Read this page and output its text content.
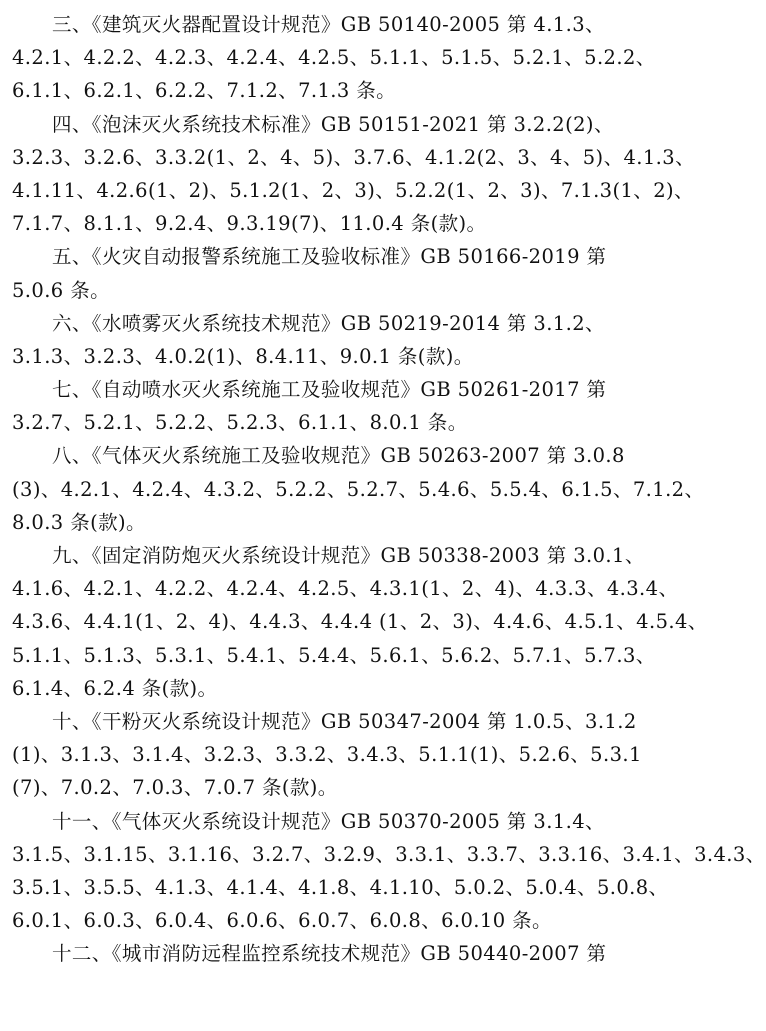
三、《建筑灭火器配置设计规范》GB 50140-2005 第 4.1.3、
4.2.1、4.2.2、4.2.3、4.2.4、4.2.5、5.1.1、5.1.5、5.2.1、5.2.2、
6.1.1、6.2.1、6.2.2、7.1.2、7.1.3 条。
四、《泡沫灭火系统技术标准》GB 50151-2021 第 3.2.2(2)、
3.2.3、3.2.6、3.3.2(1、2、4、5)、3.7.6、4.1.2(2、3、4、5)、4.1.3、
4.1.11、4.2.6(1、2)、5.1.2(1、2、3)、5.2.2(1、2、3)、7.1.3(1、2)、
7.1.7、8.1.1、9.2.4、9.3.19(7)、11.0.4 条(款)。
五、《火灾自动报警系统施工及验收标准》GB 50166-2019 第
5.0.6 条。
六、《水喷雾灭火系统技术规范》GB 50219-2014 第 3.1.2、
3.1.3、3.2.3、4.0.2(1)、8.4.11、9.0.1 条(款)。
七、《自动喷水灭火系统施工及验收规范》GB 50261-2017 第
3.2.7、5.2.1、5.2.2、5.2.3、6.1.1、8.0.1 条。
八、《气体灭火系统施工及验收规范》GB 50263-2007 第 3.0.8
(3)、4.2.1、4.2.4、4.3.2、5.2.2、5.2.7、5.4.6、5.5.4、6.1.5、7.1.2、
8.0.3 条(款)。
九、《固定消防炮灭火系统设计规范》GB 50338-2003 第 3.0.1、
4.1.6、4.2.1、4.2.2、4.2.4、4.2.5、4.3.1(1、2、4)、4.3.3、4.3.4、
4.3.6、4.4.1(1、2、4)、4.4.3、4.4.4 (1、2、3)、4.4.6、4.5.1、4.5.4、
5.1.1、5.1.3、5.3.1、5.4.1、5.4.4、5.6.1、5.6.2、5.7.1、5.7.3、
6.1.4、6.2.4 条(款)。
十、《干粉灭火系统设计规范》GB 50347-2004 第 1.0.5、3.1.2
(1)、3.1.3、3.1.4、3.2.3、3.3.2、3.4.3、5.1.1(1)、5.2.6、5.3.1
(7)、7.0.2、7.0.3、7.0.7 条(款)。
十一、《气体灭火系统设计规范》GB 50370-2005 第 3.1.4、
3.1.5、3.1.15、3.1.16、3.2.7、3.2.9、3.3.1、3.3.7、3.3.16、3.4.1、3.4.3、
3.5.1、3.5.5、4.1.3、4.1.4、4.1.8、4.1.10、5.0.2、5.0.4、5.0.8、
6.0.1、6.0.3、6.0.4、6.0.6、6.0.7、6.0.8、6.0.10 条。
十二、《城市消防远程监控系统技术规范》GB 50440-2007 第
